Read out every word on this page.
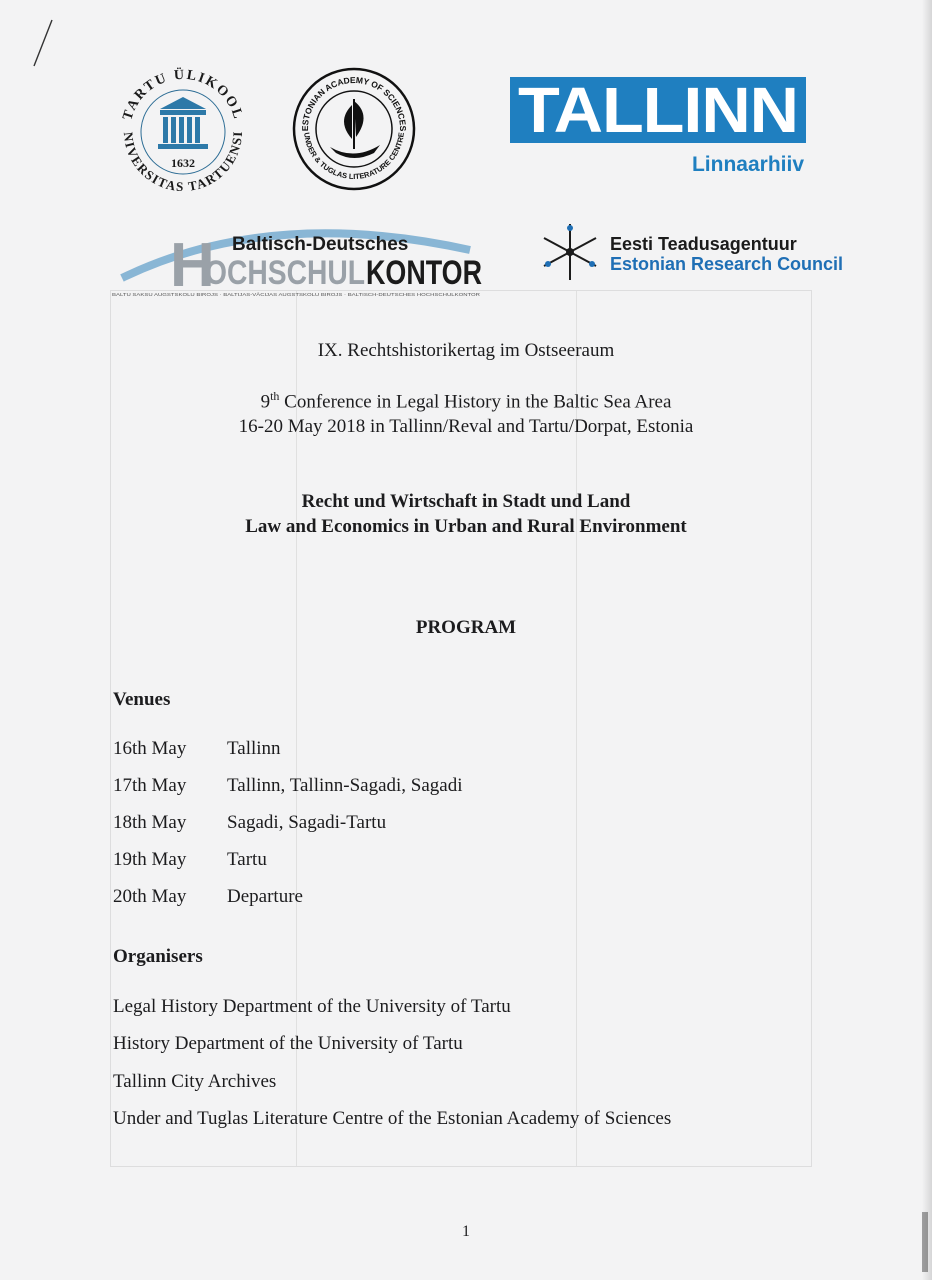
TARTU ÜLIKOOL
NIVERSITAS TARTUENSI
1632
ESTONIAN ACADEMY OF SCIENCES
UNDER & TUGLAS LITERATURE CENTRE TALLINN
Linnaarhiiv
H Baltisch-Deutsches
OCHSCHUL KONTOR
BALTU SAKSU AUGSTSKOLU BIROJS · BALTIJAS-VĀCIJAS AUGSTSKOLU BIROJS · BALTISCH-DEUTSCHES HOCHSCHULKONTOR
Eesti Teadusagentuur
Estonian Research Council
IX. Rechtshistorikertag im Ostseeraum
9th Conference in Legal History in the Baltic Sea Area
16-20 May 2018 in Tallinn/Reval and Tartu/Dorpat, Estonia
Recht und Wirtschaft in Stadt und Land
Law and Economics in Urban and Rural Environment
PROGRAM
Venues
16th May Tallinn
17th May Tallinn, Tallinn-Sagadi, Sagadi
18th May Sagadi, Sagadi-Tartu
19th May Tartu
20th May Departure
Organisers
Legal History Department of the University of Tartu
History Department of the University of Tartu
Tallinn City Archives
Under and Tuglas Literature Centre of the Estonian Academy of Sciences
1
